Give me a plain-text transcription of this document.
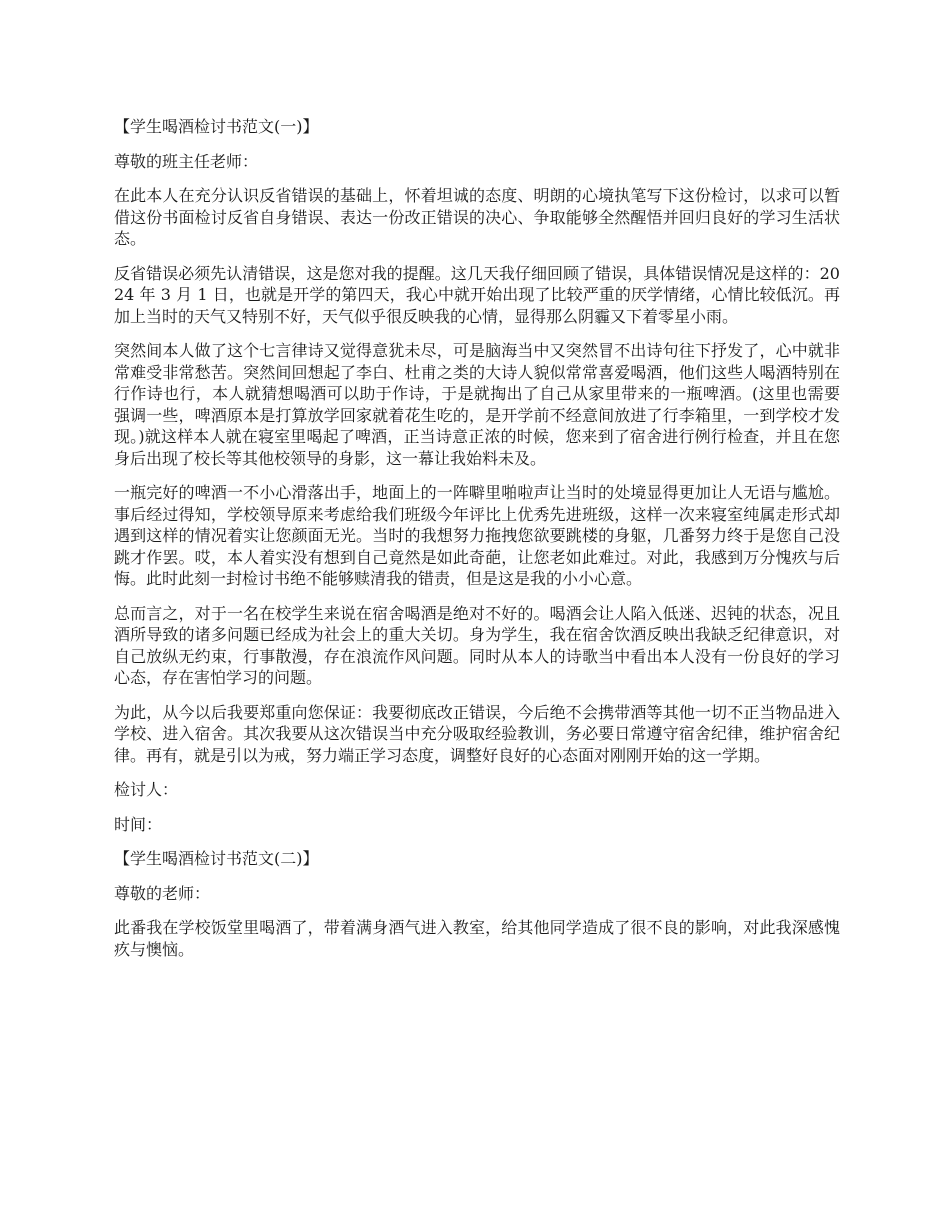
【学生喝酒检讨书范文(一)】

尊敬的班主任老师：

在此本人在充分认识反省错误的基础上，怀着坦诚的态度、明朗的心境执笔写下这份检讨，以求可以暂借这份书面检讨反省自身错误、表达一份改正错误的决心、争取能够全然醒悟并回归良好的学习生活状态。

反省错误必须先认清错误，这是您对我的提醒。这几天我仔细回顾了错误，具体错误情况是这样的：2024 年 3 月 1 日，也就是开学的第四天，我心中就开始出现了比较严重的厌学情绪，心情比较低沉。再加上当时的天气又特别不好，天气似乎很反映我的心情，显得那么阴霾又下着零星小雨。

突然间本人做了这个七言律诗又觉得意犹未尽，可是脑海当中又突然冒不出诗句往下抒发了，心中就非常难受非常愁苦。突然间回想起了李白、杜甫之类的大诗人貌似常常喜爱喝酒，他们这些人喝酒特别在行作诗也行，本人就猜想喝酒可以助于作诗，于是就掏出了自己从家里带来的一瓶啤酒。(这里也需要强调一些，啤酒原本是打算放学回家就着花生吃的，是开学前不经意间放进了行李箱里，一到学校才发现。)就这样本人就在寝室里喝起了啤酒，正当诗意正浓的时候，您来到了宿舍进行例行检查，并且在您身后出现了校长等其他校领导的身影，这一幕让我始料未及。

一瓶完好的啤酒一不小心滑落出手，地面上的一阵噼里啪啦声让当时的处境显得更加让人无语与尴尬。事后经过得知，学校领导原来考虑给我们班级今年评比上优秀先进班级，这样一次来寝室纯属走形式却遇到这样的情况着实让您颜面无光。当时的我想努力拖拽您欲要跳楼的身躯，几番努力终于是您自己没跳才作罢。哎，本人着实没有想到自己竟然是如此奇葩，让您老如此难过。对此，我感到万分愧疚与后悔。此时此刻一封检讨书绝不能够赎清我的错责，但是这是我的小小心意。

总而言之，对于一名在校学生来说在宿舍喝酒是绝对不好的。喝酒会让人陷入低迷、迟钝的状态，况且酒所导致的诸多问题已经成为社会上的重大关切。身为学生，我在宿舍饮酒反映出我缺乏纪律意识，对自己放纵无约束，行事散漫，存在浪流作风问题。同时从本人的诗歌当中看出本人没有一份良好的学习心态，存在害怕学习的问题。

为此，从今以后我要郑重向您保证：我要彻底改正错误，今后绝不会携带酒等其他一切不正当物品进入学校、进入宿舍。其次我要从这次错误当中充分吸取经验教训，务必要日常遵守宿舍纪律，维护宿舍纪律。再有，就是引以为戒，努力端正学习态度，调整好良好的心态面对刚刚开始的这一学期。

检讨人：

时间：

【学生喝酒检讨书范文(二)】

尊敬的老师：

此番我在学校饭堂里喝酒了，带着满身酒气进入教室，给其他同学造成了很不良的影响，对此我深感愧疚与懊恼。
